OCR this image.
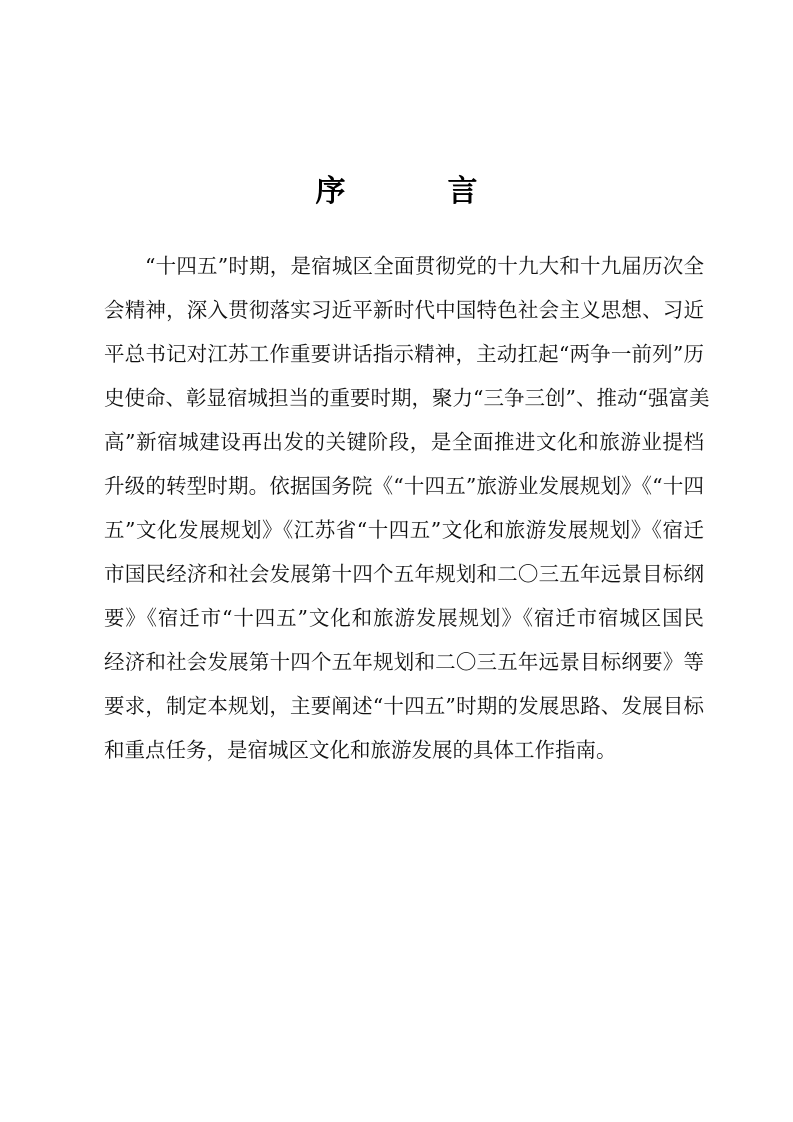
序　言
“十四五”时期，是宿城区全面贯彻党的十九大和十九届历次全
会精神，深入贯彻落实习近平新时代中国特色社会主义思想、习近
平总书记对江苏工作重要讲话指示精神，主动扛起“两争一前列”历
史使命、彰显宿城担当的重要时期，聚力“三争三创”、推动“强富美
高”新宿城建设再出发的关键阶段，是全面推进文化和旅游业提档
升级的转型时期。依据国务院《“十四五”旅游业发展规划》《“十四
五”文化发展规划》《江苏省“十四五”文化和旅游发展规划》《宿迁
市国民经济和社会发展第十四个五年规划和二〇三五年远景目标纲
要》《宿迁市“十四五”文化和旅游发展规划》《宿迁市宿城区国民
经济和社会发展第十四个五年规划和二〇三五年远景目标纲要》等
要求，制定本规划，主要阐述“十四五”时期的发展思路、发展目标
和重点任务，是宿城区文化和旅游发展的具体工作指南。
